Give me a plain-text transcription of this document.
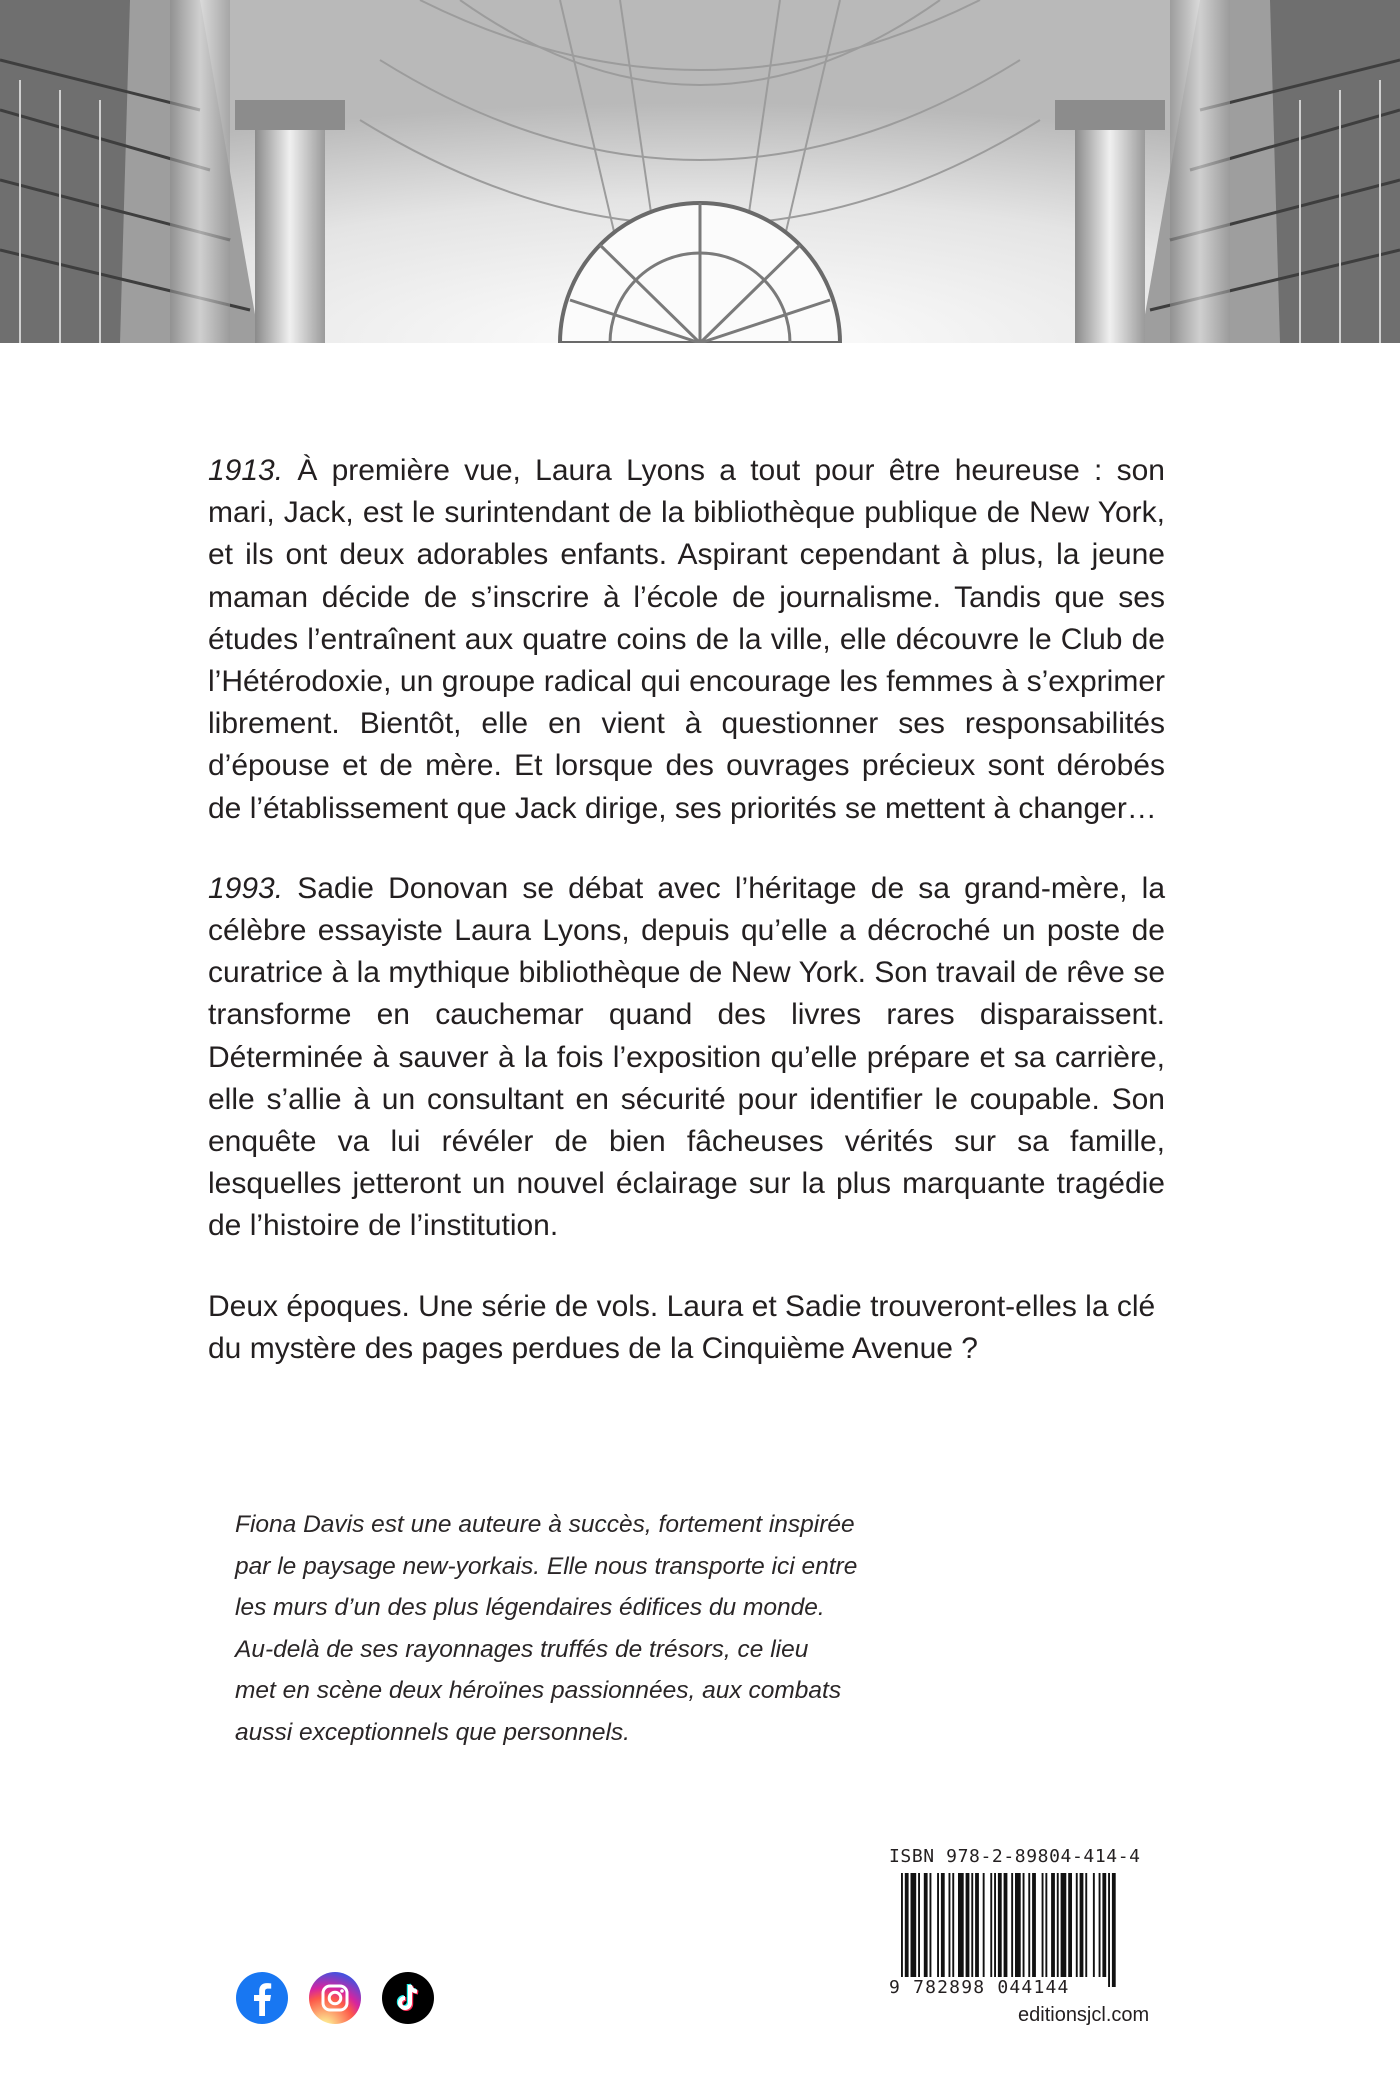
1913. À première vue, Laura Lyons a tout pour être heureuse : son mari, Jack, est le surintendant de la bibliothèque publique de New York, et ils ont deux adorables enfants. Aspirant cependant à plus, la jeune maman décide de s’inscrire à l’école de journalisme. Tandis que ses études l’entraînent aux quatre coins de la ville, elle découvre le Club de l’Hétérodoxie, un groupe radical qui encourage les femmes à s’exprimer librement. Bientôt, elle en vient à questionner ses responsabilités d’épouse et de mère. Et lorsque des ouvrages précieux sont dérobés de l’établissement que Jack dirige, ses priorités se mettent à changer…

1993. Sadie Donovan se débat avec l’héritage de sa grand-mère, la célèbre essayiste Laura Lyons, depuis qu’elle a décroché un poste de curatrice à la mythique bibliothèque de New York. Son travail de rêve se transforme en cauchemar quand des livres rares disparaissent. Déterminée à sauver à la fois l’exposition qu’elle prépare et sa carrière, elle s’allie à un consultant en sécurité pour identifier le coupable. Son enquête va lui révéler de bien fâcheuses vérités sur sa famille, lesquelles jetteront un nouvel éclairage sur la plus marquante tragédie de l’histoire de l’institution.

Deux époques. Une série de vols. Laura et Sadie trouveront-elles la clé du mystère des pages perdues de la Cinquième Avenue ?

Fiona Davis est une auteure à succès, fortement inspirée
par le paysage new-yorkais. Elle nous transporte ici entre
les murs d’un des plus légendaires édifices du monde.
Au-delà de ses rayonnages truffés de trésors, ce lieu
met en scène deux héroïnes passionnées, aux combats
aussi exceptionnels que personnels.
ISBN 978-2-89804-414-4
9 782898 044144
editionsjcl.com
